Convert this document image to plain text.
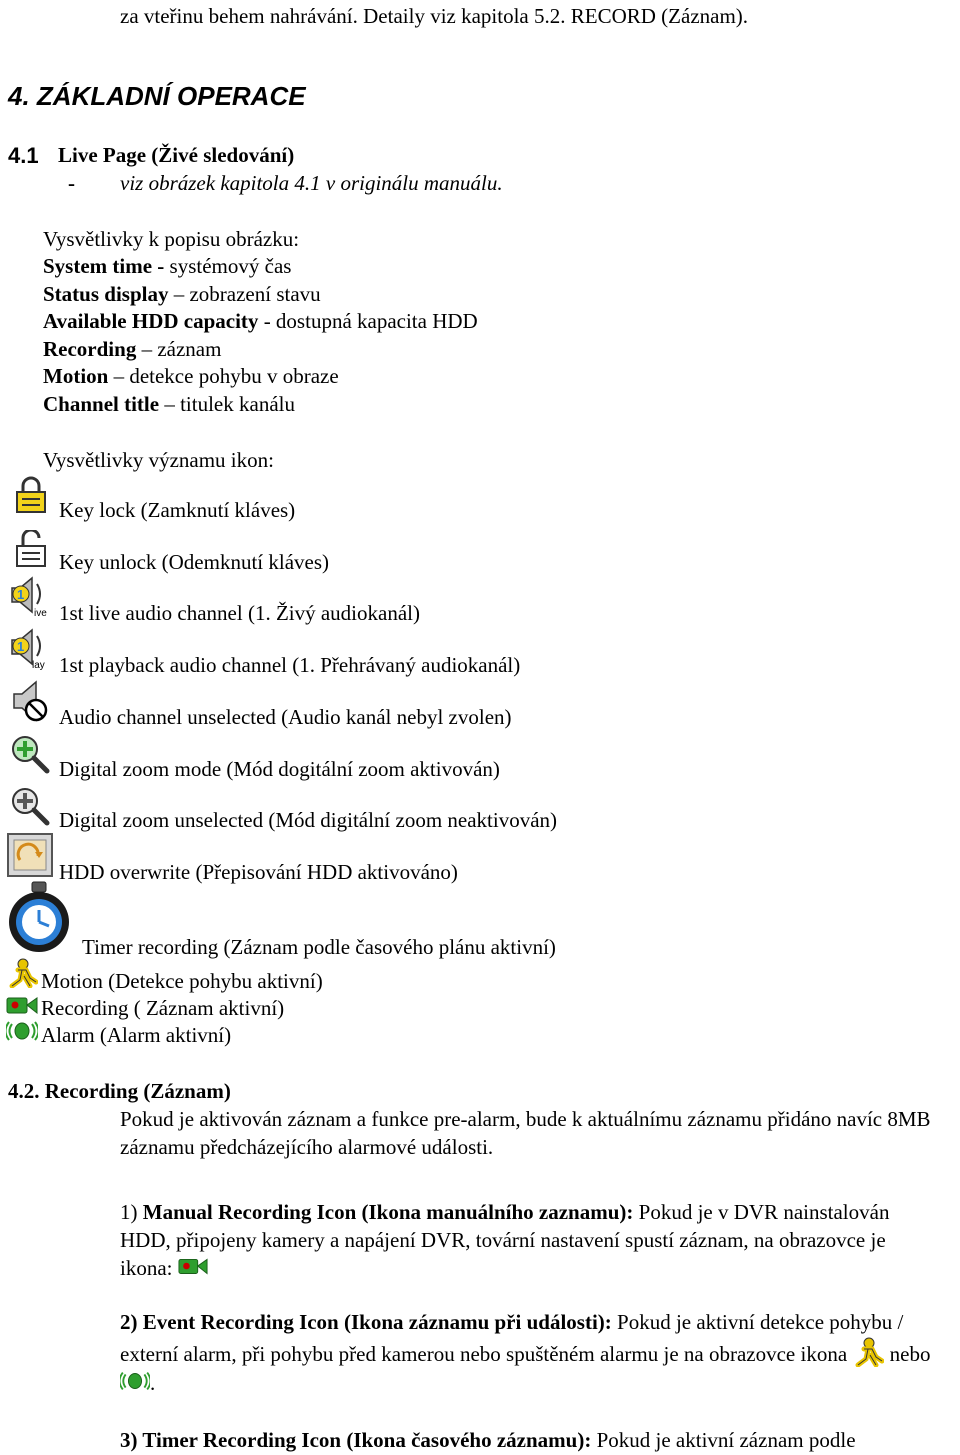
za vteřinu behem nahrávání. Detaily viz kapitola 5.2. RECORD (Záznam).
4. ZÁKLADNÍ OPERACE
4.1 Live Page (Živé sledování)
- viz obrázek kapitola 4.1 v originálu manuálu.
Vysvětlivky k popisu obrázku:
System time - systémový čas
Status display – zobrazení stavu
Available HDD capacity - dostupná kapacita HDD
Recording – záznam
Motion – detekce pohybu v obraze
Channel title – titulek kanálu
Vysvětlivky významu ikon:
Key lock (Zamknutí kláves)
Key unlock (Odemknutí kláves)
1
ive 1st live audio channel (1. Živý audiokanál)
1
lay 1st playback audio channel (1. Přehrávaný audiokanál)
Audio channel unselected (Audio kanál nebyl zvolen)
Digital zoom mode (Mód dogitální zoom aktivován)
Digital zoom unselected (Mód digitální zoom neaktivován)
HDD overwrite (Přepisování HDD aktivováno)
Timer recording (Záznam podle časového plánu aktivní)
Motion (Detekce pohybu aktivní)
Recording ( Záznam aktivní)
Alarm (Alarm aktivní)
4.2. Recording (Záznam)
Pokud je aktivován záznam a funkce pre-alarm, bude k aktuálnímu záznamu přidáno navíc 8MB záznamu předcházejícího alarmové události.
1) Manual Recording Icon (Ikona manuálního zaznamu): Pokud je v DVR nainstalován HDD, připojeny kamery a napájení DVR, tovární nastavení spustí záznam, na obrazovce je ikona:
2) Event Recording Icon (Ikona záznamu při události): Pokud je aktivní detekce pohybu / externí alarm, při pohybu před kamerou nebo spuštěném alarmu je na obrazovce ikona nebo .
3) Timer Recording Icon (Ikona časového záznamu): Pokud je aktivní záznam podle
